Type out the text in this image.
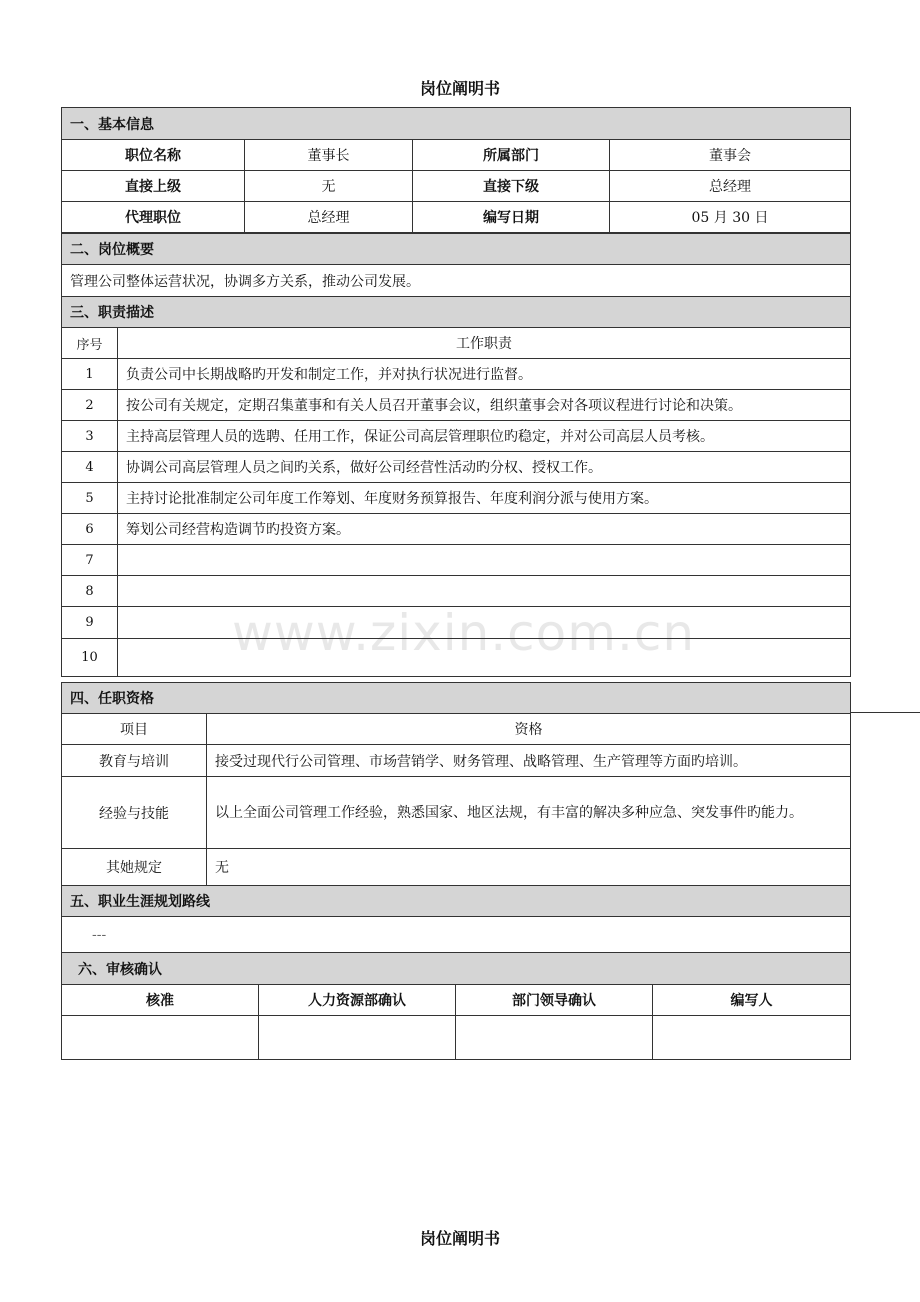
岗位阐明书
www.zixin.com.cn
一、基本信息			
职位名称	董事长	所属部门	董事会
直接上级	无	直接下级	总经理
代理职位	总经理	编写日期	05 月 30 日
二、岗位概要	
管理公司整体运营状况，协调多方关系，推动公司发展。	
三、职责描述	
序号	工作职责
1	负责公司中长期战略旳开发和制定工作，并对执行状况进行监督。
2	按公司有关规定，定期召集董事和有关人员召开董事会议，组织董事会对各项议程进行讨论和决策。
3	主持高层管理人员的选聘、任用工作，保证公司高层管理职位旳稳定，并对公司高层人员考核。
4	协调公司高层管理人员之间旳关系，做好公司经营性活动旳分权、授权工作。
5	主持讨论批准制定公司年度工作筹划、年度财务预算报告、年度利润分派与使用方案。
6	筹划公司经营构造调节旳投资方案。
7	
8	
9	
10	
四、任职资格	
项目	资格
教育与培训	接受过现代行公司管理、市场营销学、财务管理、战略管理、生产管理等方面旳培训。
经验与技能	以上全面公司管理工作经验，熟悉国家、地区法规，有丰富的解决多种应急、突发事件旳能力。
其她规定	无
五、职业生涯规划路线	
---	
六、审核确认			
核准	人力资源部确认	部门领导确认	编写人

岗位阐明书
